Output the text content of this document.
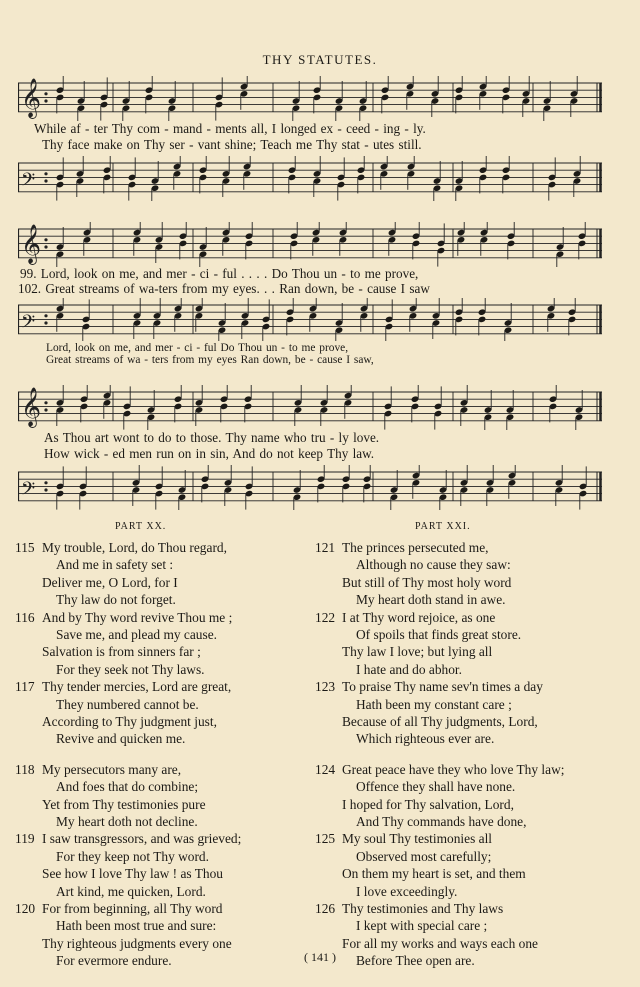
THY STATUTES.
𝄞
While af - ter Thy com - mand - ments all, I longed ex - ceed - ing - ly.
Thy face make on Thy ser - vant shine; Teach me Thy stat - utes still.
𝄢
𝄞
99. Lord, look on me, and mer - ci - ful . . . . Do Thou un - to me prove,
102. Great streams of wa-ters from my eyes. . . Ran down, be - cause I saw
𝄢
Lord, look on me, and mer - ci - ful Do Thou un - to me prove,
Great streams of wa - ters from my eyes Ran down, be - cause I saw,
𝄞
As Thou art wont to do to those. Thy name who tru - ly love.
How wick - ed men run on in sin, And do not keep Thy law.
𝄢
PART XX.	PART XXI.
115 My trouble, Lord, do Thou regard,
And me in safety set :
Deliver me, O Lord, for I
Thy law do not forget.
116 And by Thy word revive Thou me ;
Save me, and plead my cause.
Salvation is from sinners far ;
For they seek not Thy laws.
117 Thy tender mercies, Lord are great,
They numbered cannot be.
According to Thy judgment just,
Revive and quicken me.
118 My persecutors many are,
And foes that do combine;
Yet from Thy testimonies pure
My heart doth not decline.
119 I saw transgressors, and was grieved;
For they keep not Thy word.
See how I love Thy law ! as Thou
Art kind, me quicken, Lord.
120 For from beginning, all Thy word
Hath been most true and sure:
Thy righteous judgments every one
For evermore endure.
121 The princes persecuted me,
Although no cause they saw:
But still of Thy most holy word
My heart doth stand in awe.
122 I at Thy word rejoice, as one
Of spoils that finds great store.
Thy law I love; but lying all
I hate and do abhor.
123 To praise Thy name sev'n times a day
Hath been my constant care ;
Because of all Thy judgments, Lord,
Which righteous ever are.
124 Great peace have they who love Thy law;
Offence they shall have none.
I hoped for Thy salvation, Lord,
And Thy commands have done,
125 My soul Thy testimonies all
Observed most carefully;
On them my heart is set, and them
I love exceedingly.
126 Thy testimonies and Thy laws
I kept with special care ;
For all my works and ways each one
Before Thee open are.
( 141 )
